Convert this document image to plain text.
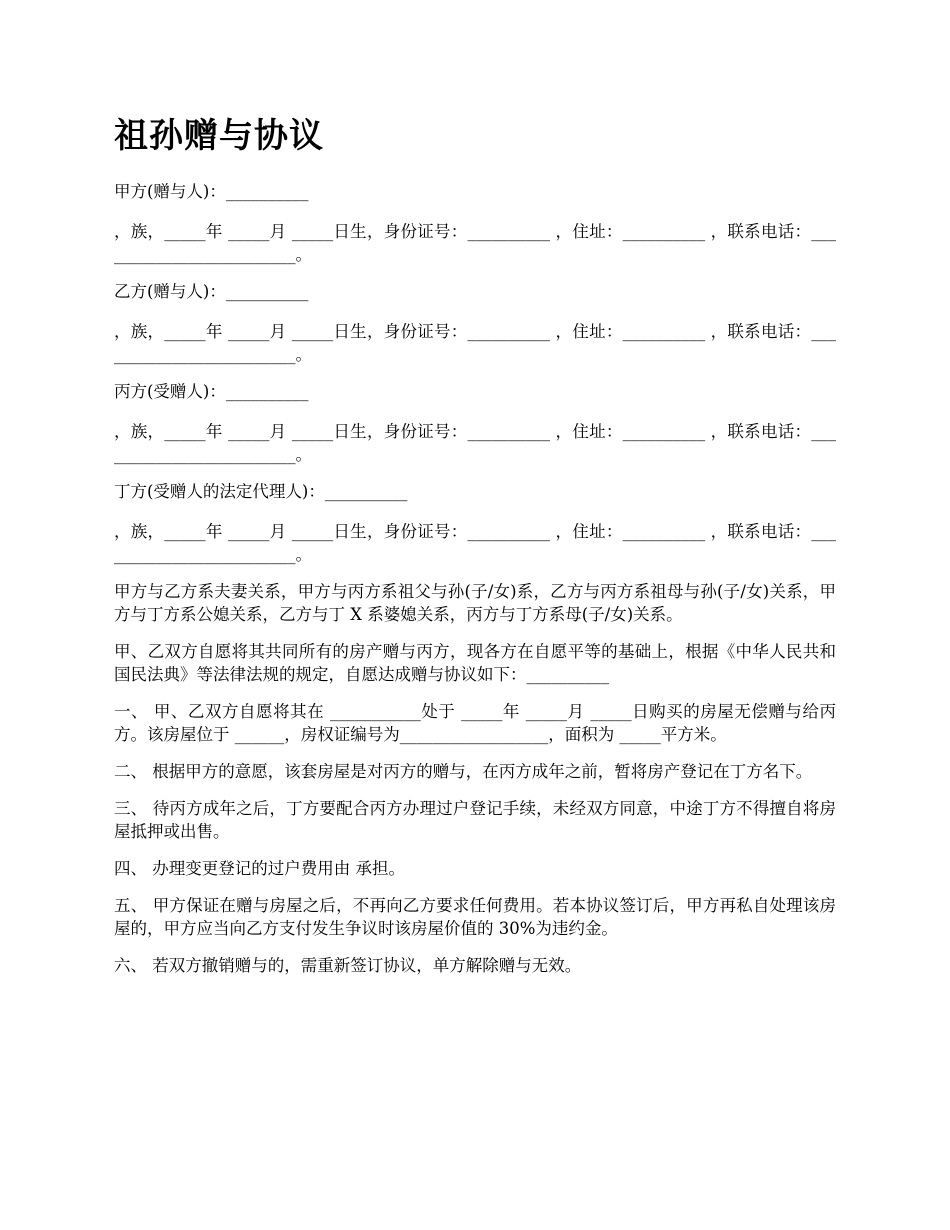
祖孙赠与协议

甲方(赠与人)：__________

，族，_____年 _____月 _____日生，身份证号：__________ ，住址：__________ ，联系电话：_________________________。

乙方(赠与人)：__________

，族，_____年 _____月 _____日生，身份证号：__________ ，住址：__________ ，联系电话：_________________________。

丙方(受赠人)：__________

，族，_____年 _____月 _____日生，身份证号：__________ ，住址：__________ ，联系电话：_________________________。

丁方(受赠人的法定代理人)：__________

，族，_____年 _____月 _____日生，身份证号：__________ ，住址：__________ ，联系电话：_________________________。

甲方与乙方系夫妻关系，甲方与丙方系祖父与孙(子/女)系，乙方与丙方系祖母与孙(子/女)关系，甲方与丁方系公媳关系，乙方与丁 X 系婆媳关系，丙方与丁方系母(子/女)关系。

甲、乙双方自愿将其共同所有的房产赠与丙方，现各方在自愿平等的基础上，根据《中华人民共和国民法典》等法律法规的规定，自愿达成赠与协议如下：__________

一、 甲、乙双方自愿将其在 ___________处于 _____年 _____月 _____日购买的房屋无偿赠与给丙方。该房屋位于 ______，房权证编号为__________________，面积为 _____平方米。

二、 根据甲方的意愿，该套房屋是对丙方的赠与，在丙方成年之前，暂将房产登记在丁方名下。

三、 待丙方成年之后，丁方要配合丙方办理过户登记手续，未经双方同意，中途丁方不得擅自将房屋抵押或出售。

四、 办理变更登记的过户费用由 承担。

五、 甲方保证在赠与房屋之后，不再向乙方要求任何费用。若本协议签订后，甲方再私自处理该房屋的，甲方应当向乙方支付发生争议时该房屋价值的 30%为违约金。

六、 若双方撤销赠与的，需重新签订协议，单方解除赠与无效。
